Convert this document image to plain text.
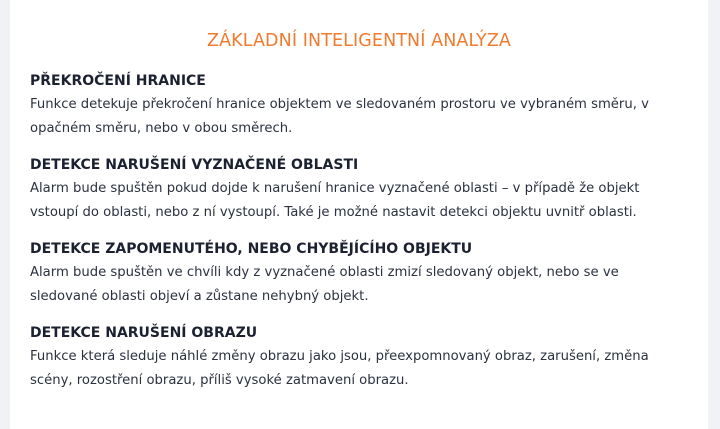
ZÁKLADNÍ INTELIGENTNÍ ANALÝZA
PŘEKROČENÍ HRANICE

Funkce detekuje překročení hranice objektem ve sledovaném prostoru ve vybraném směru, v opačném směru, nebo v obou směrech.

DETEKCE NARUŠENÍ VYZNAČENÉ OBLASTI

Alarm bude spuštěn pokud dojde k narušení hranice vyznačené oblasti – v případě že objekt vstoupí do oblasti, nebo z ní vystoupí. Také je možné nastavit detekci objektu uvnitř oblasti.

DETEKCE ZAPOMENUTÉHO, NEBO CHYBĚJÍCÍHO OBJEKTU

Alarm bude spuštěn ve chvíli kdy z vyznačené oblasti zmizí sledovaný objekt, nebo se ve sledované oblasti objeví a zůstane nehybný objekt.

DETEKCE NARUŠENÍ OBRAZU

Funkce která sleduje náhlé změny obrazu jako jsou, přeexpomnovaný obraz, zarušení, změna scény, rozostření obrazu, příliš vysoké zatmavení obrazu.
